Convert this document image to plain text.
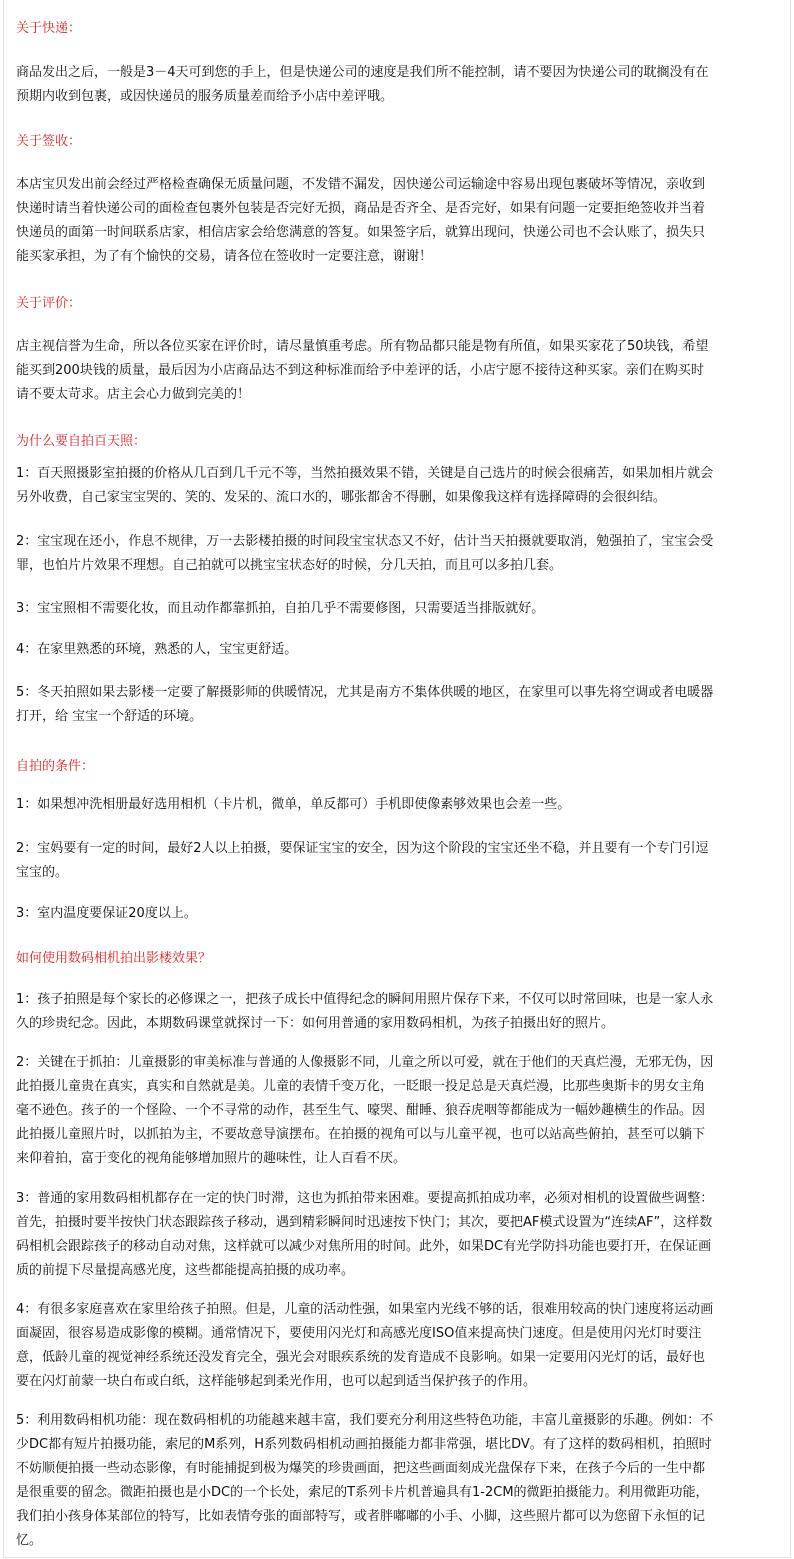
关于快递：
商品发出之后，一般是3－4天可到您的手上，但是快递公司的速度是我们所不能控制，请不要因为快递公司的耽搁没有在
预期内收到包裹，或因快递员的服务质量差而给予小店中差评哦。
关于签收：
本店宝贝发出前会经过严格检查确保无质量问题，不发错不漏发，因快递公司运输途中容易出现包裹破坏等情况，亲收到
快递时请当着快递公司的面检查包裹外包装是否完好无损，商品是否齐全、是否完好，如果有问题一定要拒绝签收并当着
快递员的面第一时间联系店家，相信店家会给您满意的答复。如果签字后，就算出现问，快递公司也不会认账了，损失只
能买家承担，为了有个愉快的交易，请各位在签收时一定要注意，谢谢！
关于评价：
店主视信誉为生命，所以各位买家在评价时，请尽量慎重考虑。所有物品都只能是物有所值，如果买家花了50块钱，希望
能买到200块钱的质量，最后因为小店商品达不到这种标准而给予中差评的话，小店宁愿不接待这种买家。亲们在购买时
请不要太苛求。店主会心力做到完美的！
为什么要自拍百天照：
1：百天照摄影室拍摄的价格从几百到几千元不等，当然拍摄效果不错，关键是自己选片的时候会很痛苦，如果加相片就会
另外收费，自己家宝宝哭的、笑的、发呆的、流口水的，哪张都舍不得删，如果像我这样有选择障碍的会很纠结。
2：宝宝现在还小，作息不规律，万一去影楼拍摄的时间段宝宝状态又不好，估计当天拍摄就要取消，勉强拍了，宝宝会受
罪，也怕片片效果不理想。自己拍就可以挑宝宝状态好的时候，分几天拍，而且可以多拍几套。
3：宝宝照相不需要化妆，而且动作都靠抓拍，自拍几乎不需要修图，只需要适当排版就好。
4：在家里熟悉的环境，熟悉的人，宝宝更舒适。
5：冬天拍照如果去影楼一定要了解摄影师的供暖情况，尤其是南方不集体供暖的地区，在家里可以事先将空调或者电暖器
打开，给 宝宝一个舒适的环境。
自拍的条件：
1：如果想冲洗相册最好选用相机（卡片机，微单，单反都可）手机即使像素够效果也会差一些。
2：宝妈要有一定的时间，最好2人以上拍摄，要保证宝宝的安全，因为这个阶段的宝宝还坐不稳，并且要有一个专门引逗
宝宝的。
3：室内温度要保证20度以上。
如何使用数码相机拍出影楼效果？
1：孩子拍照是每个家长的必修课之一，把孩子成长中值得纪念的瞬间用照片保存下来，不仅可以时常回味，也是一家人永
久的珍贵纪念。因此，本期数码课堂就探讨一下：如何用普通的家用数码相机，为孩子拍摄出好的照片。
2：关键在于抓拍：儿童摄影的审美标准与普通的人像摄影不同，儿童之所以可爱，就在于他们的天真烂漫，无邪无伪，因
此拍摄儿童贵在真实，真实和自然就是美。儿童的表情千变万化，一眨眼一投足总是天真烂漫，比那些奥斯卡的男女主角
毫不逊色。孩子的一个怪险、一个不寻常的动作，甚至生气、嚎哭、酣睡、狼吞虎咽等都能成为一幅妙趣横生的作品。因
此拍摄儿童照片时，以抓拍为主，不要故意导演摆布。在拍摄的视角可以与儿童平视，也可以站高些俯拍，甚至可以躺下
来仰着拍，富于变化的视角能够增加照片的趣味性，让人百看不厌。
3：普通的家用数码相机都存在一定的快门时滞，这也为抓拍带来困难。要提高抓拍成功率，必须对相机的设置做些调整：
首先，拍摄时要半按快门状态跟踪孩子移动，遇到精彩瞬间时迅速按下快门；其次，要把AF模式设置为“连续AF”，这样数
码相机会跟踪孩子的移动自动对焦，这样就可以减少对焦所用的时间。此外，如果DC有光学防抖功能也要打开，在保证画
质的前提下尽量提高感光度，这些都能提高拍摄的成功率。
4：有很多家庭喜欢在家里给孩子拍照。但是，儿童的活动性强，如果室内光线不够的话，很难用较高的快门速度将运动画
面凝固，很容易造成影像的模糊。通常情况下，要使用闪光灯和高感光度ISO值来提高快门速度。但是使用闪光灯时要注
意，低龄儿童的视觉神经系统还没发育完全，强光会对眼疾系统的发育造成不良影响。如果一定要用闪光灯的话，最好也
要在闪灯前蒙一块白布或白纸，这样能够起到柔光作用，也可以起到适当保护孩子的作用。
5：利用数码相机功能：现在数码相机的功能越来越丰富，我们要充分利用这些特色功能，丰富儿童摄影的乐趣。例如：不
少DC都有短片拍摄功能，索尼的M系列，H系列数码相机动画拍摄能力都非常强，堪比DV。有了这样的数码相机，拍照时
不妨顺便拍摄一些动态影像，有时能捕捉到极为爆笑的珍贵画面，把这些画面刻成光盘保存下来，在孩子今后的一生中都
是很重要的留念。微距拍摄也是小DC的一个长处，索尼的T系列卡片机普遍具有1-2CM的微距拍摄能力。利用微距功能，
我们拍小孩身体某部位的特写，比如表情夸张的面部特写，或者胖嘟嘟的小手、小脚，这些照片都可以为您留下永恒的记
忆。
